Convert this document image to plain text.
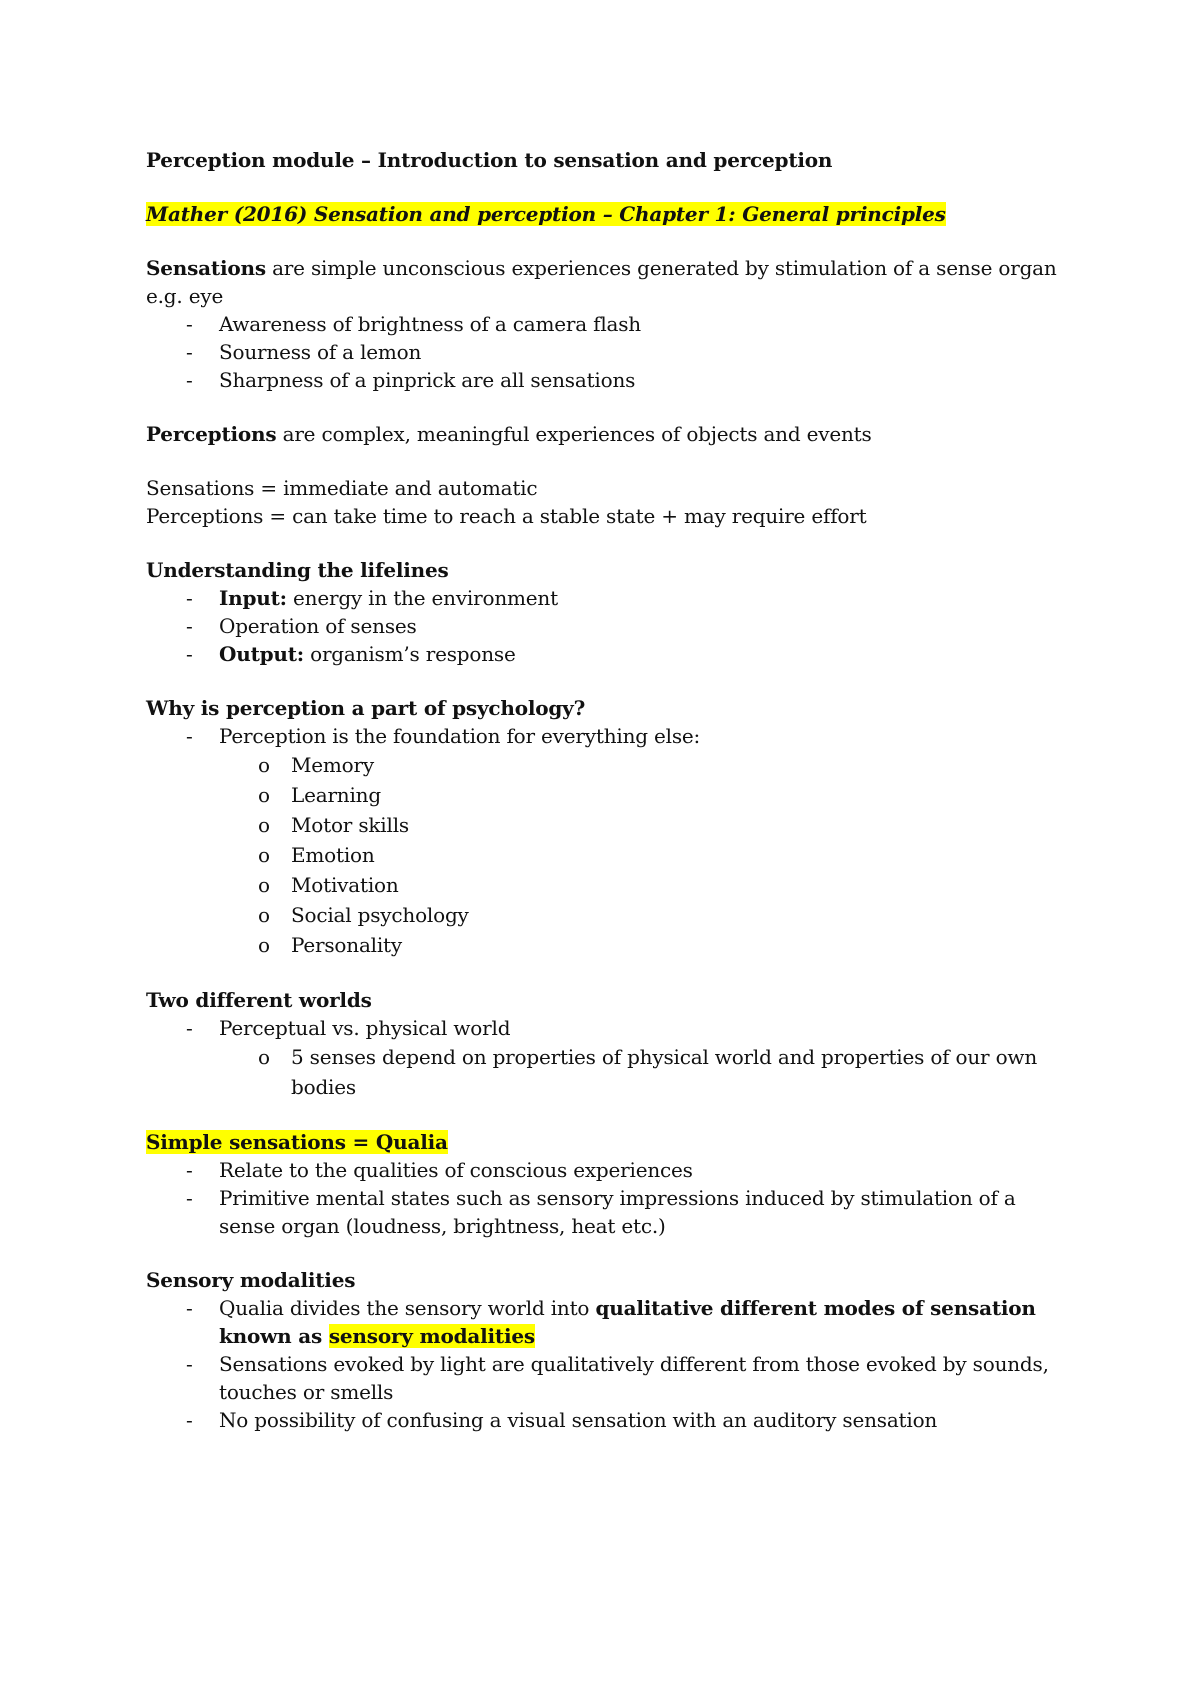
Perception module – Introduction to sensation and perception

Mather (2016) Sensation and perception – Chapter 1: General principles

Sensations are simple unconscious experiences generated by stimulation of a sense organ e.g. eye

- Awareness of brightness of a camera flash
- Sourness of a lemon
- Sharpness of a pinprick are all sensations

Perceptions are complex, meaningful experiences of objects and events

Sensations = immediate and automatic

Perceptions = can take time to reach a stable state + may require effort

Understanding the lifelines

- Input: energy in the environment
- Operation of senses
- Output: organism’s response

Why is perception a part of psychology?

- Perception is the foundation for everything else:
o Memory
o Learning
o Motor skills
o Emotion
o Motivation
o Social psychology
o Personality

Two different worlds

- Perceptual vs. physical world
o 5 senses depend on properties of physical world and properties of our own bodies

Simple sensations = Qualia

- Relate to the qualities of conscious experiences
- Primitive mental states such as sensory impressions induced by stimulation of a sense organ (loudness, brightness, heat etc.)

Sensory modalities

- Qualia divides the sensory world into qualitative different modes of sensation known as sensory modalities
- Sensations evoked by light are qualitatively different from those evoked by sounds, touches or smells
- No possibility of confusing a visual sensation with an auditory sensation
